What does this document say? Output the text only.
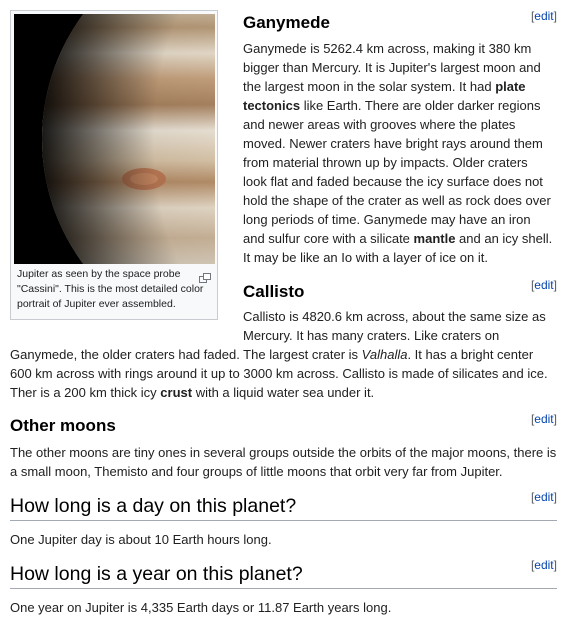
Jupiter as seen by the space probe "Cassini". This is the most detailed color portrait of Jupiter ever assembled.
[edit]
Ganymede

Ganymede is 5262.4 km across, making it 380 km bigger than Mercury. It is Jupiter's largest moon and the largest moon in the solar system. It had plate tectonics like Earth. There are older darker regions and newer areas with grooves where the plates moved. Newer craters have bright rays around them from material thrown up by impacts. Older craters look flat and faded because the icy surface does not hold the shape of the crater as well as rock does over long periods of time. Ganymede may have an iron and sulfur core with a silicate mantle and an icy shell. It may be like an Io with a layer of ice on it.

[edit]
Callisto

Callisto is 4820.6 km across, about the same size as

Mercury. It has many craters. Like craters on

Ganymede, the older craters had faded. The largest crater is Valhalla. It has a bright center 600 km across with rings around it up to 3000 km across. Callisto is made of silicates and ice. Ther is a 200 km thick icy crust with a liquid water sea under it.

[edit]
Other moons

The other moons are tiny ones in several groups outside the orbits of the major moons, there is a small moon, Themisto and four groups of little moons that orbit very far from Jupiter.

[edit]
How long is a day on this planet?

One Jupiter day is about 10 Earth hours long.

[edit]
How long is a year on this planet?

One year on Jupiter is 4,335 Earth days or 11.87 Earth years long.
